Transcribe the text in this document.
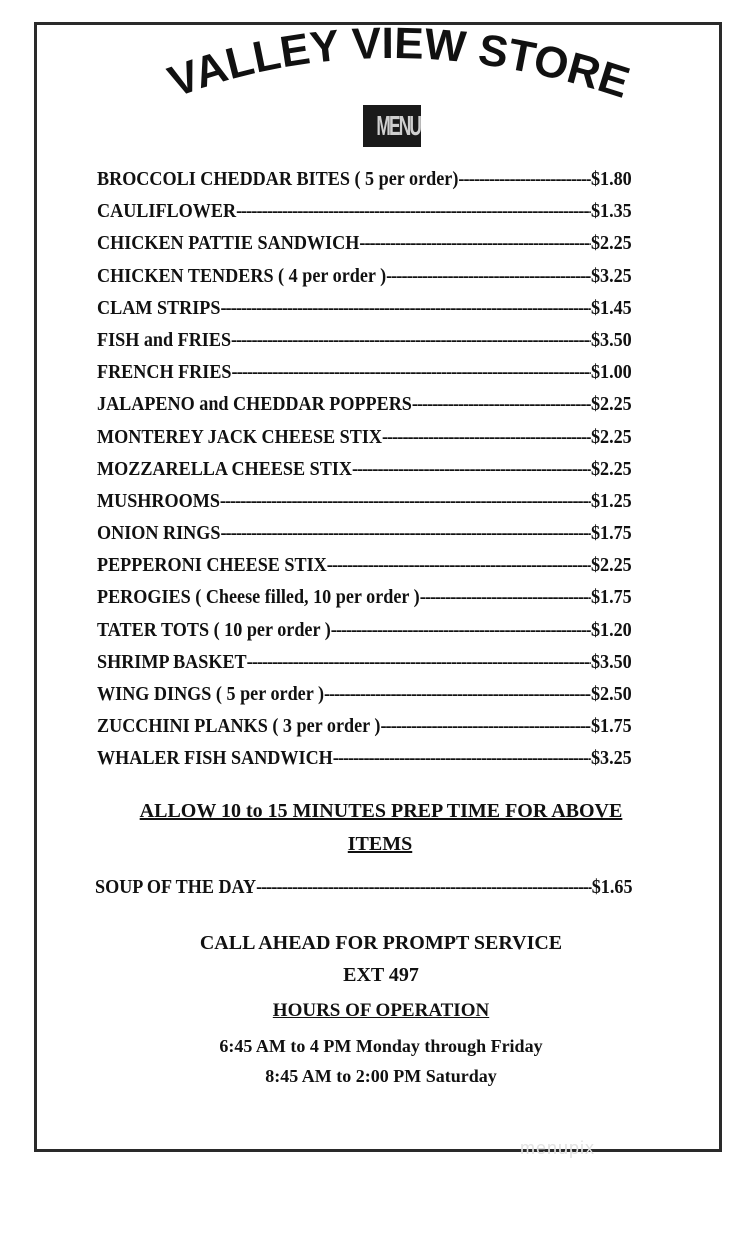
VALLEY VIEW STORE
MENU
BROCCOLI CHEDDAR BITES ( 5 per order) -----	$1.80
CAULIFLOWER -----	$1.35
CHICKEN PATTIE SANDWICH -----	$2.25
CHICKEN TENDERS ( 4 per order ) -----	$3.25
CLAM STRIPS -----	$1.45
FISH and FRIES -----	$3.50
FRENCH FRIES -----	$1.00
JALAPENO and CHEDDAR POPPERS -----	$2.25
MONTEREY JACK CHEESE STIX -----	$2.25
MOZZARELLA CHEESE STIX -----	$2.25
MUSHROOMS -----	$1.25
ONION RINGS -----	$1.75
PEPPERONI CHEESE STIX -----	$2.25
PEROGIES ( Cheese filled, 10 per order ) -----	$1.75
TATER TOTS ( 10 per order ) -----	$1.20
SHRIMP BASKET -----	$3.50
WING DINGS ( 5 per order ) -----	$2.50
ZUCCHINI PLANKS ( 3 per order ) -----	$1.75
WHALER FISH SANDWICH -----	$3.25
ALLOW 10 to 15 MINUTES PREP TIME FOR ABOVE
ITEMS
SOUP OF THE DAY -----	$1.65
CALL AHEAD FOR PROMPT SERVICE
EXT 497
HOURS OF OPERATION
6:45 AM to 4 PM Monday through Friday
8:45 AM to 2:00 PM Saturday
menupix
